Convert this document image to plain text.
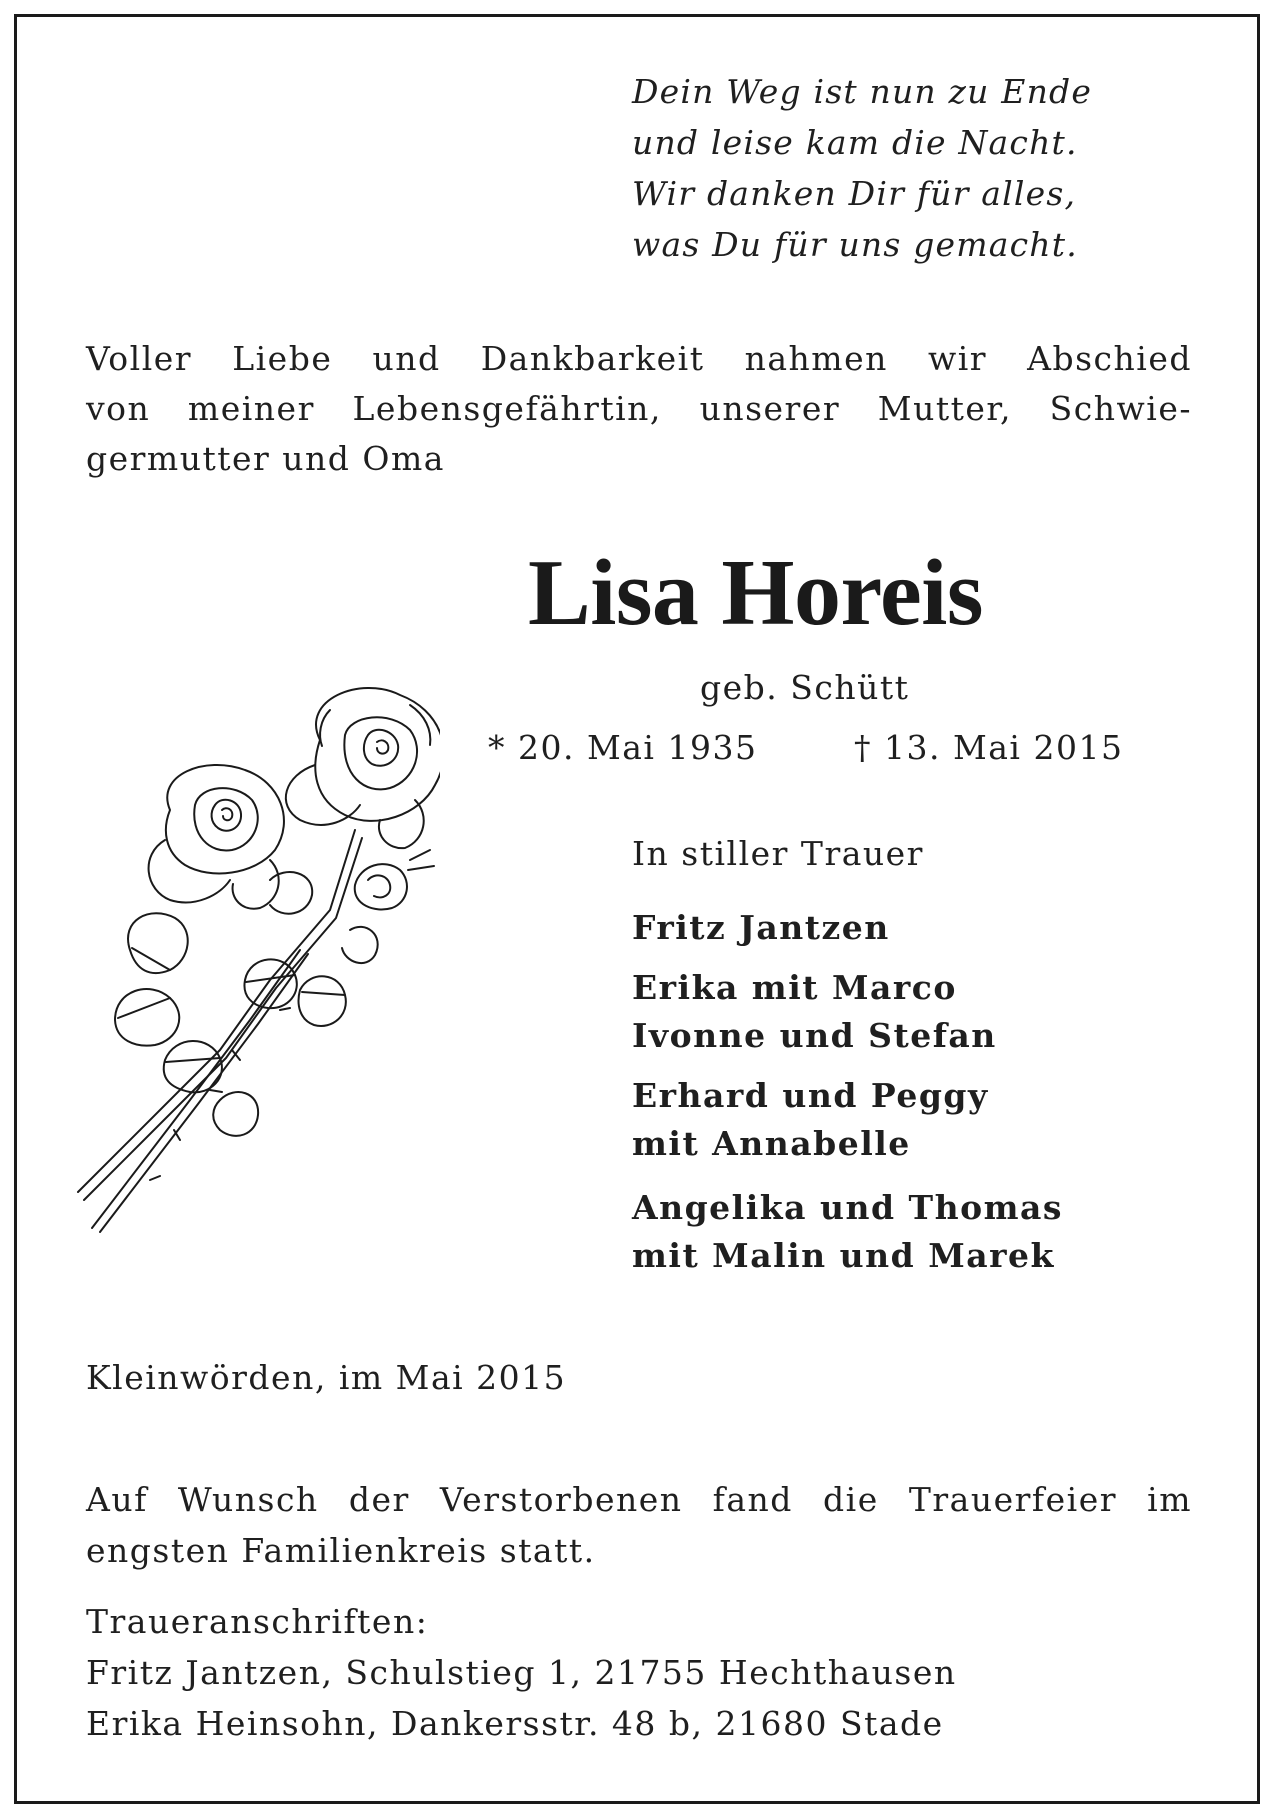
Dein Weg ist nun zu Ende
und leise kam die Nacht.
Wir danken Dir für alles,
was Du für uns gemacht.
Voller Liebe und Dankbarkeit nahmen wir Abschied
von meiner Lebensgefährtin, unserer Mutter, Schwie-
germutter und Oma
Lisa Horeis
geb. Schütt
* 20. Mai 1935	† 13. Mai 2015
In stiller Trauer
Fritz Jantzen
Erika mit Marco
Ivonne und Stefan
Erhard und Peggy
mit Annabelle
Angelika und Thomas
mit Malin und Marek
Kleinwörden, im Mai 2015
Auf Wunsch der Verstorbenen fand die Trauerfeier im
engsten Familienkreis statt.
Traueranschriften:
Fritz Jantzen, Schulstieg 1, 21755 Hechthausen
Erika Heinsohn, Dankersstr. 48 b, 21680 Stade
